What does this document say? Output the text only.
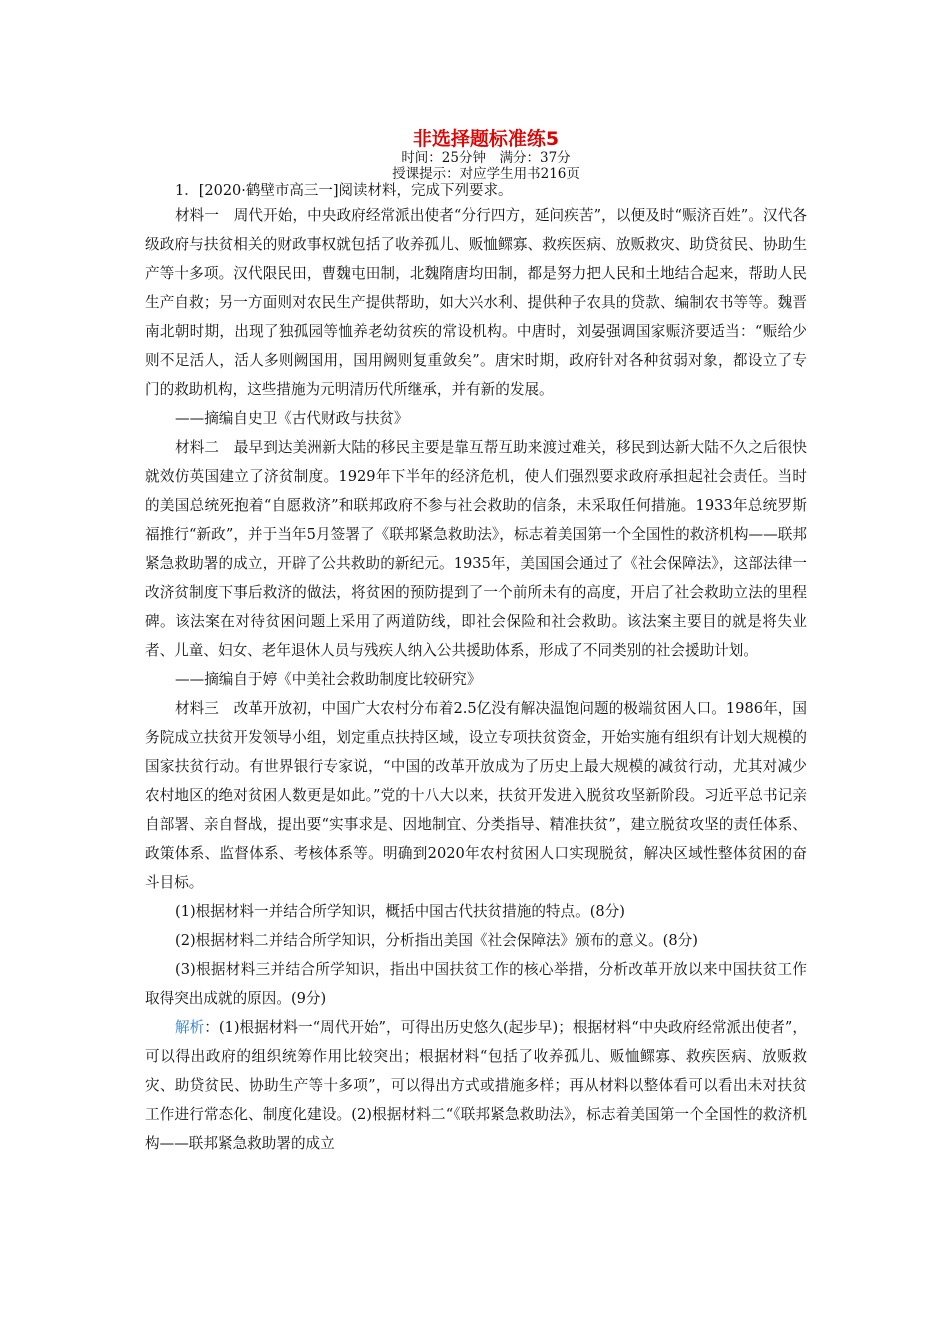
非选择题标准练5

时间：25分钟　满分：37分

授课提示：对应学生用书216页

1．[2020·鹤壁市高三一]阅读材料，完成下列要求。

材料一　周代开始，中央政府经常派出使者“分行四方，延问疾苦”，以便及时“赈济百姓”。汉代各级政府与扶贫相关的财政事权就包括了收养孤儿、贩恤鳏寡、救疾医病、放贩救灾、助贷贫民、协助生产等十多项。汉代限民田，曹魏屯田制，北魏隋唐均田制，都是努力把人民和土地结合起来，帮助人民生产自救；另一方面则对农民生产提供帮助，如大兴水利、提供种子农具的贷款、编制农书等等。魏晋南北朝时期，出现了独孤园等恤养老幼贫疾的常设机构。中唐时，刘晏强调国家赈济要适当：“赈给少则不足活人，活人多则阙国用，国用阙则复重敛矣”。唐宋时期，政府针对各种贫弱对象，都设立了专门的救助机构，这些措施为元明清历代所继承，并有新的发展。

——摘编自史卫《古代财政与扶贫》

材料二　最早到达美洲新大陆的移民主要是靠互帮互助来渡过难关，移民到达新大陆不久之后很快就效仿英国建立了济贫制度。1929年下半年的经济危机，使人们强烈要求政府承担起社会责任。当时的美国总统死抱着“自愿救济”和联邦政府不参与社会救助的信条，未采取任何措施。1933年总统罗斯福推行“新政”，并于当年5月签署了《联邦紧急救助法》，标志着美国第一个全国性的救济机构——联邦紧急救助署的成立，开辟了公共救助的新纪元。1935年，美国国会通过了《社会保障法》，这部法律一改济贫制度下事后救济的做法，将贫困的预防提到了一个前所未有的高度，开启了社会救助立法的里程碑。该法案在对待贫困问题上采用了两道防线，即社会保险和社会救助。该法案主要目的就是将失业者、儿童、妇女、老年退休人员与残疾人纳入公共援助体系，形成了不同类别的社会援助计划。

——摘编自于婷《中美社会救助制度比较研究》

材料三　改革开放初，中国广大农村分布着2.5亿没有解决温饱问题的极端贫困人口。1986年，国务院成立扶贫开发领导小组，划定重点扶持区域，设立专项扶贫资金，开始实施有组织有计划大规模的国家扶贫行动。有世界银行专家说，“中国的改革开放成为了历史上最大规模的减贫行动，尤其对减少农村地区的绝对贫困人数更是如此。”党的十八大以来，扶贫开发进入脱贫攻坚新阶段。习近平总书记亲自部署、亲自督战，提出要“实事求是、因地制宜、分类指导、精准扶贫”，建立脱贫攻坚的责任体系、政策体系、监督体系、考核体系等。明确到2020年农村贫困人口实现脱贫，解决区域性整体贫困的奋斗目标。

(1)根据材料一并结合所学知识，概括中国古代扶贫措施的特点。(8分)

(2)根据材料二并结合所学知识，分析指出美国《社会保障法》颁布的意义。(8分)

(3)根据材料三并结合所学知识，指出中国扶贫工作的核心举措，分析改革开放以来中国扶贫工作取得突出成就的原因。(9分)

解析：(1)根据材料一“周代开始”，可得出历史悠久(起步早)；根据材料“中央政府经常派出使者”，可以得出政府的组织统筹作用比较突出；根据材料“包括了收养孤儿、贩恤鳏寡、救疾医病、放贩救灾、助贷贫民、协助生产等十多项”，可以得出方式或措施多样；再从材料以整体看可以看出未对扶贫工作进行常态化、制度化建设。(2)根据材料二“《联邦紧急救助法》，标志着美国第一个全国性的救济机构——联邦紧急救助署的成立
